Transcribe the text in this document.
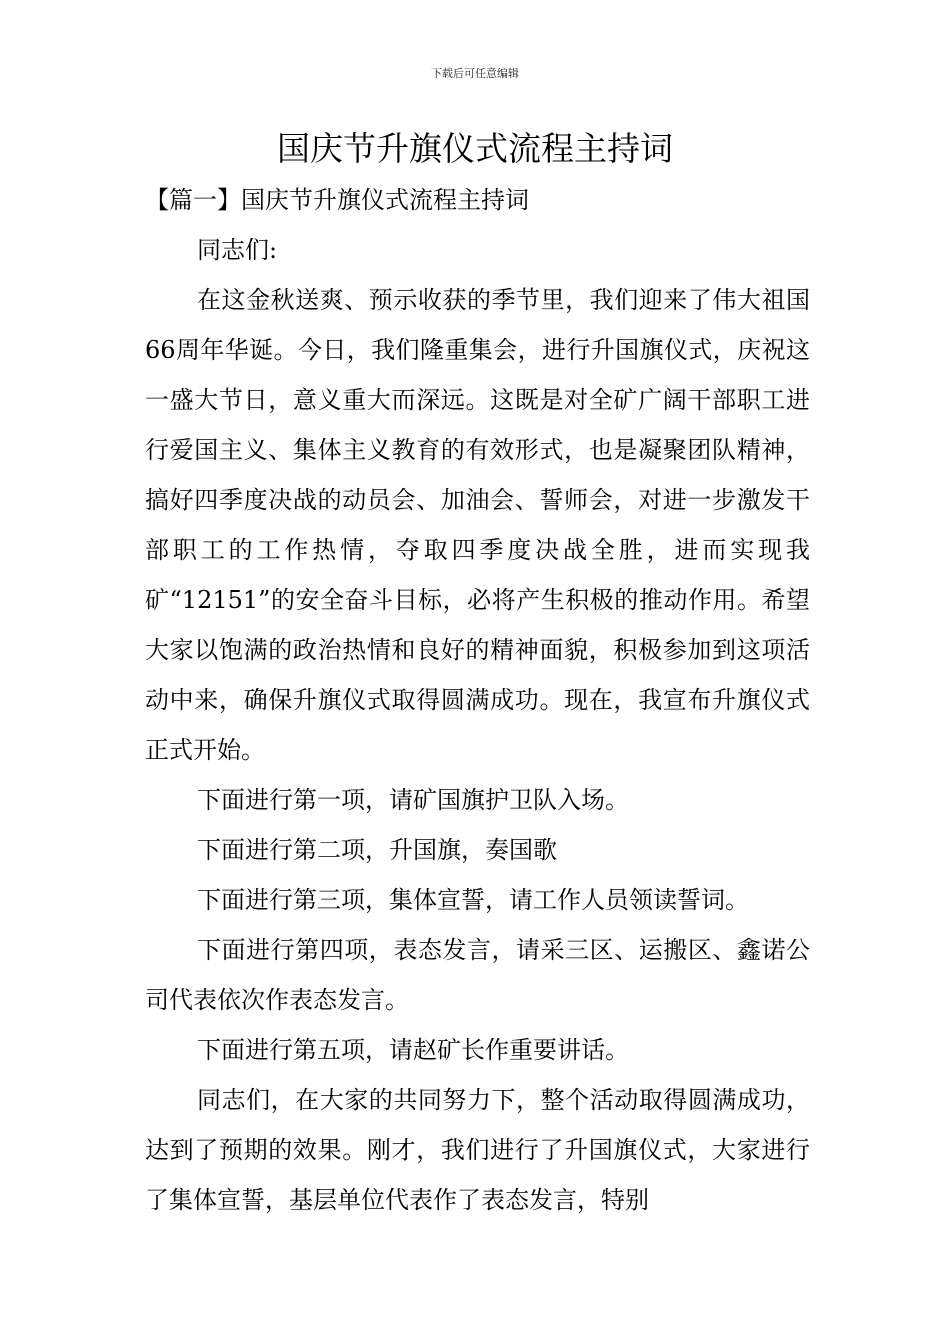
下载后可任意编辑
国庆节升旗仪式流程主持词

【篇一】国庆节升旗仪式流程主持词

同志们:

在这金秋送爽、预示收获的季节里，我们迎来了伟大祖国66周年华诞。今日，我们隆重集会，进行升国旗仪式，庆祝这一盛大节日，意义重大而深远。这既是对全矿广阔干部职工进行爱国主义、集体主义教育的有效形式，也是凝聚团队精神，搞好四季度决战的动员会、加油会、誓师会，对进一步激发干部职工的工作热情，夺取四季度决战全胜，进而实现我矿“12151”的安全奋斗目标，必将产生积极的推动作用。希望大家以饱满的政治热情和良好的精神面貌，积极参加到这项活动中来，确保升旗仪式取得圆满成功。现在，我宣布升旗仪式正式开始。

下面进行第一项，请矿国旗护卫队入场。

下面进行第二项，升国旗，奏国歌

下面进行第三项，集体宣誓，请工作人员领读誓词。

下面进行第四项，表态发言，请采三区、运搬区、鑫诺公司代表依次作表态发言。

下面进行第五项，请赵矿长作重要讲话。

同志们，在大家的共同努力下，整个活动取得圆满成功，达到了预期的效果。刚才，我们进行了升国旗仪式，大家进行了集体宣誓，基层单位代表作了表态发言，特别
